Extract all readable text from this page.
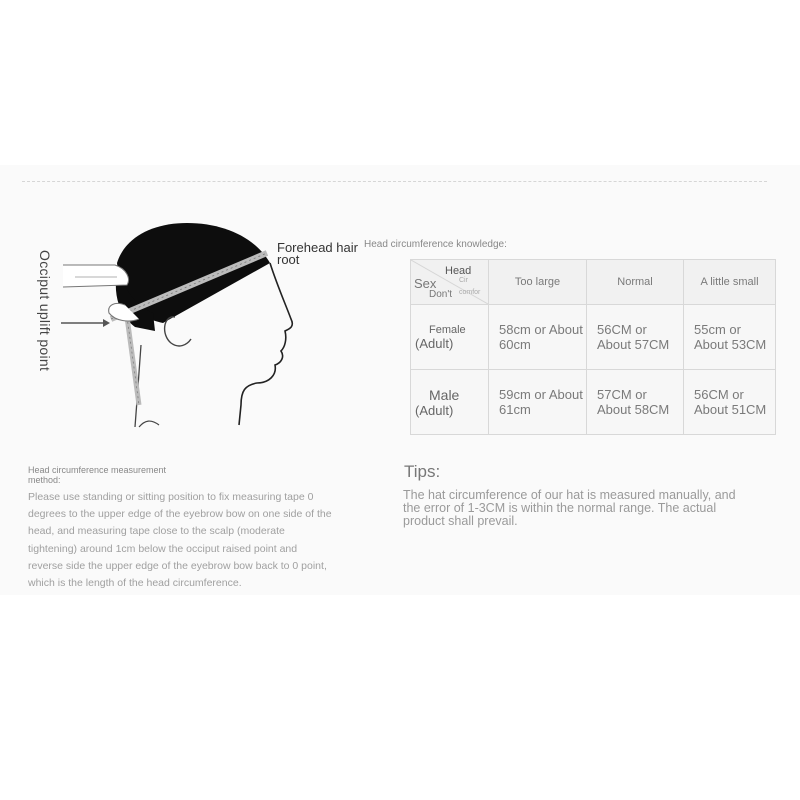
Occiput uplift point
Forehead hair root
Head circumference knowledge:
Head
Cir
Sex
Don't comfor	Too large	Normal	A little small

Female
(Adult)	58cm or About 60cm	56CM or About 57CM	55cm or About 53CM

Male
(Adult)	59cm or About 61cm	57CM or About 58CM	56CM or About 51CM
Head circumference measurement method:
Please use standing or sitting position to fix measuring tape 0 degrees to the upper edge of the eyebrow bow on one side of the head, and measuring tape close to the scalp (moderate tightening) around 1cm below the occiput raised point and reverse side the upper edge of the eyebrow bow back to 0 point, which is the length of the head circumference.
Tips:
The hat circumference of our hat is measured manually, and the error of 1-3CM is within the normal range. The actual product shall prevail.
